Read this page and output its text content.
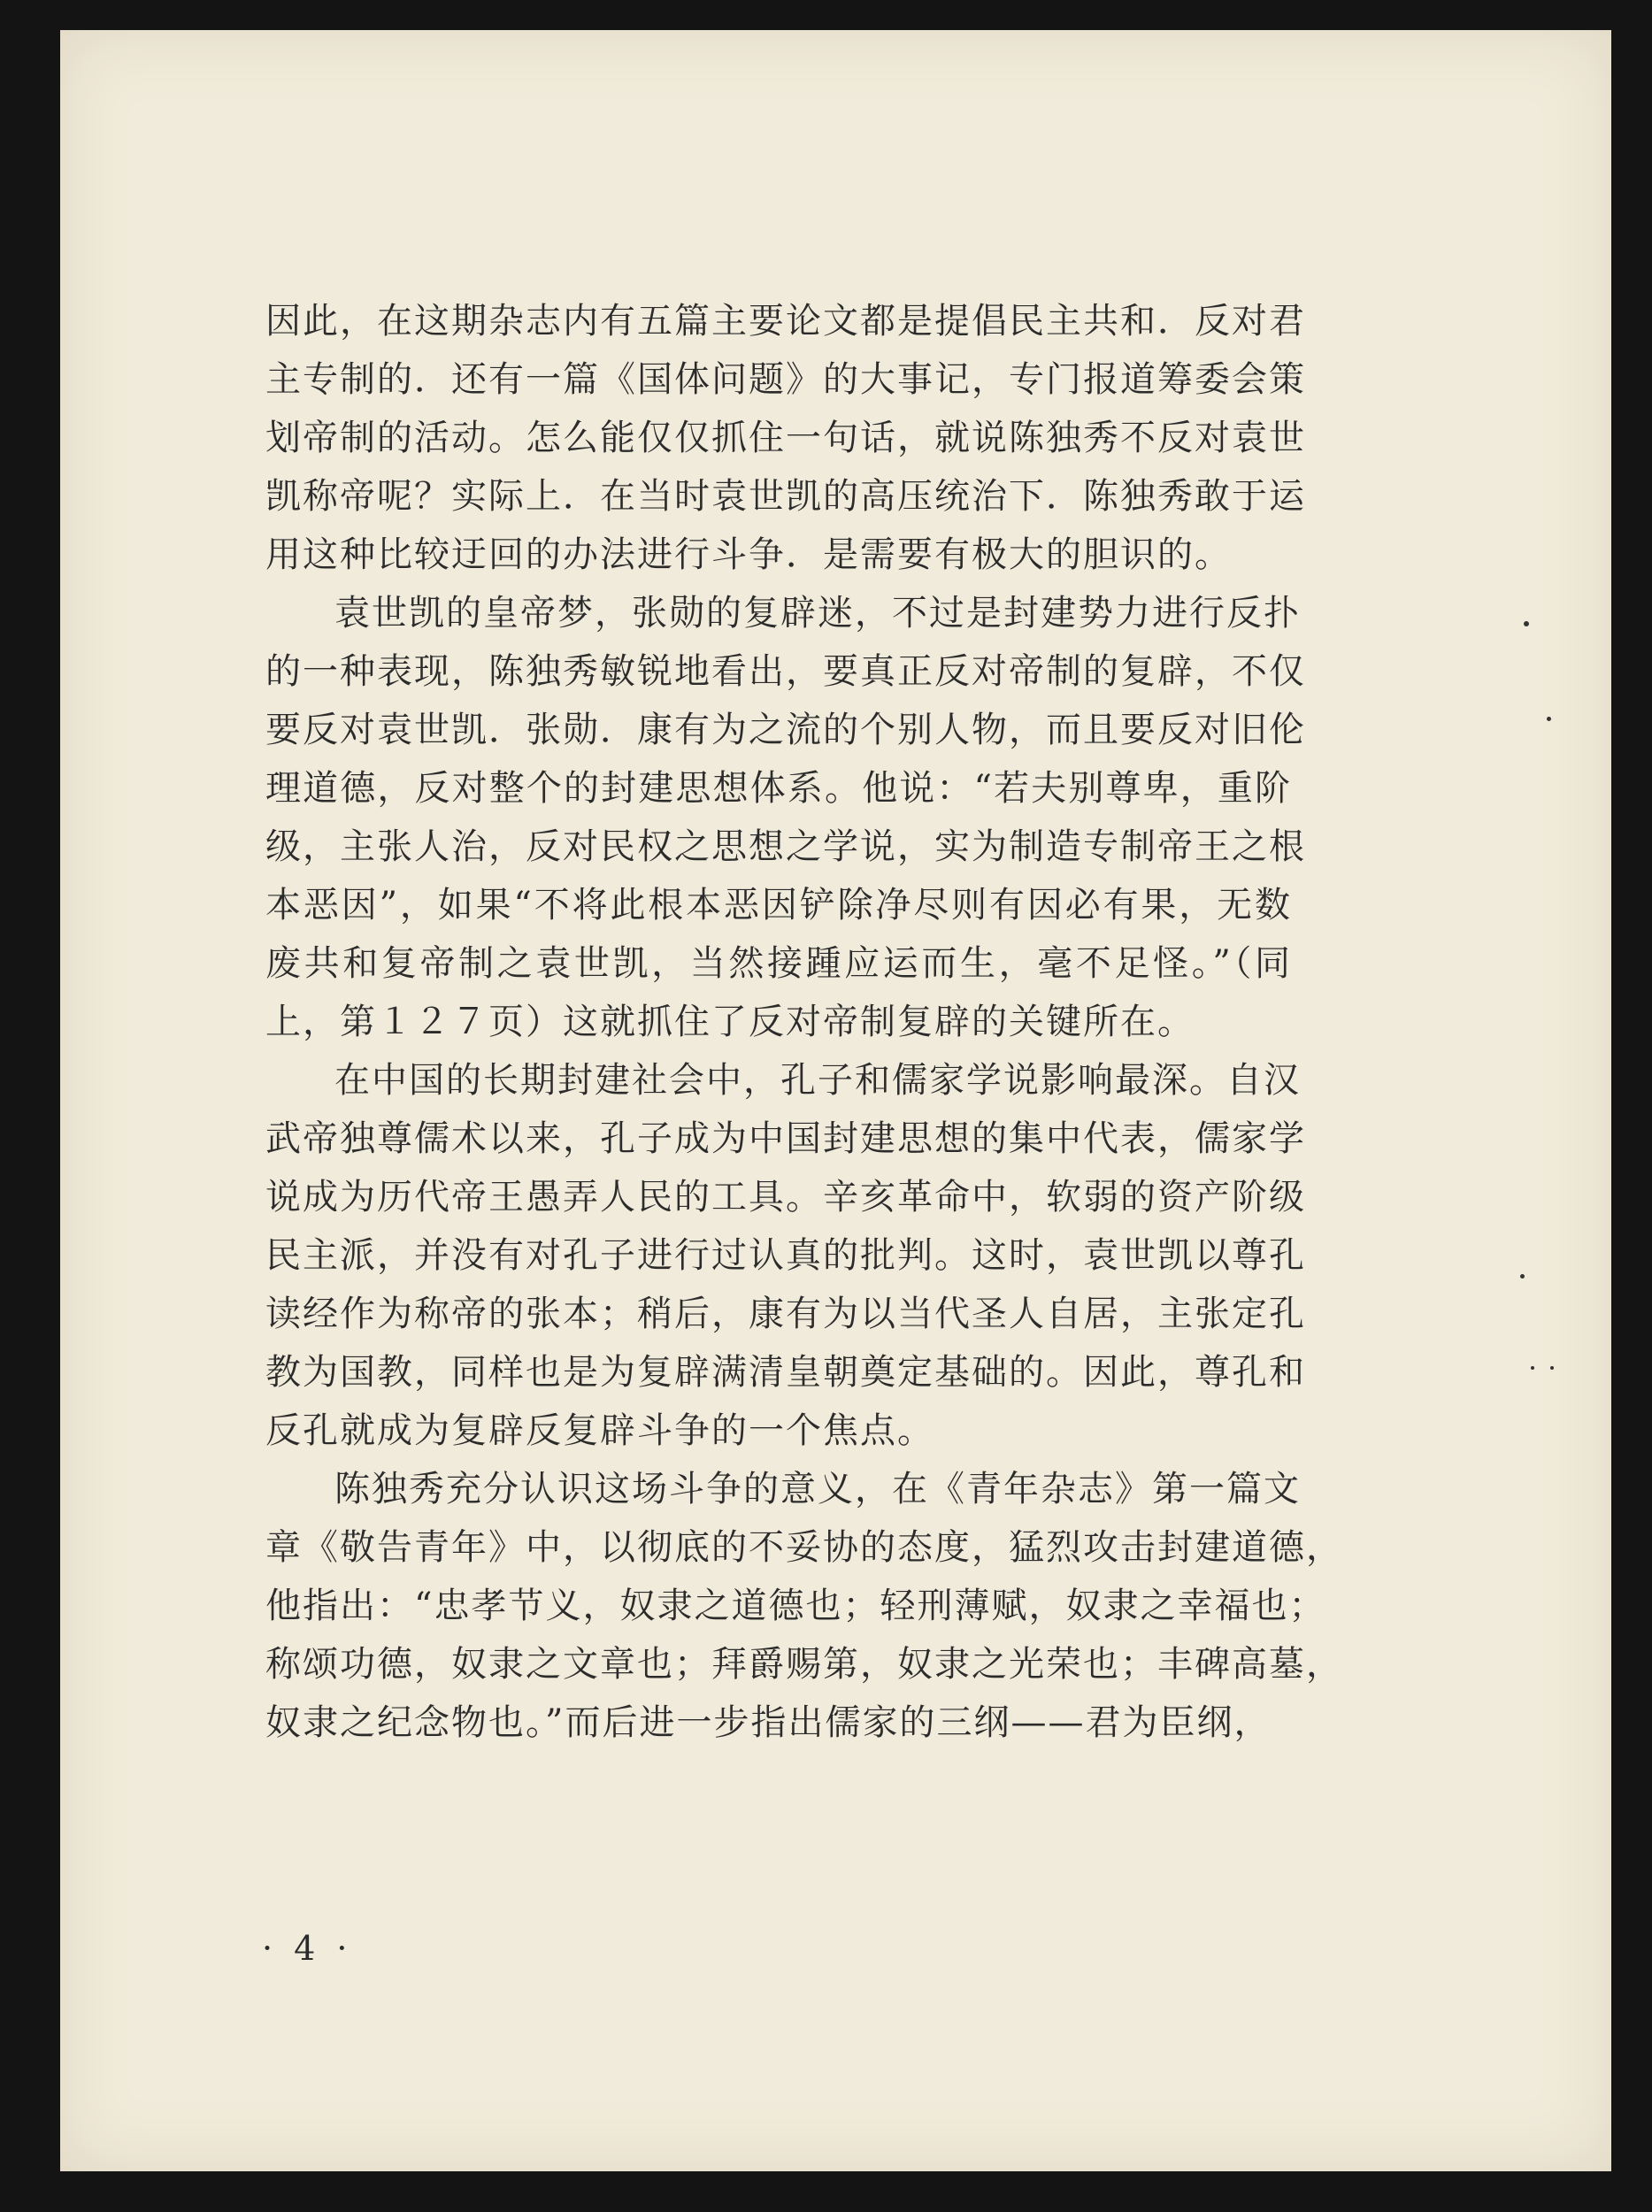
因此，在这期杂志内有五篇主要论文都是提倡民主共和．反对君
主专制的．还有一篇《国体问题》的大事记，专门报道筹委会策
划帝制的活动。怎么能仅仅抓住一句话，就说陈独秀不反对袁世
凯称帝呢？实际上．在当时袁世凯的高压统治下．陈独秀敢于运
用这种比较迂回的办法进行斗争．是需要有极大的胆识的。
袁世凯的皇帝梦，张勋的复辟迷，不过是封建势力进行反扑
的一种表现，陈独秀敏锐地看出，要真正反对帝制的复辟，不仅
要反对袁世凯．张勋．康有为之流的个别人物，而且要反对旧伦
理道德，反对整个的封建思想体系。他说：“若夫别尊卑，重阶
级，主张人治，反对民权之思想之学说，实为制造专制帝王之根
本恶因”，如果“不将此根本恶因铲除净尽则有因必有果，无数
废共和复帝制之袁世凯，当然接踵应运而生，毫不足怪。”（同
上，第１２７页）这就抓住了反对帝制复辟的关键所在。
在中国的长期封建社会中，孔子和儒家学说影响最深。自汉
武帝独尊儒术以来，孔子成为中国封建思想的集中代表，儒家学
说成为历代帝王愚弄人民的工具。辛亥革命中，软弱的资产阶级
民主派，并没有对孔子进行过认真的批判。这时，袁世凯以尊孔
读经作为称帝的张本；稍后，康有为以当代圣人自居，主张定孔
教为国教，同样也是为复辟满清皇朝奠定基础的。因此，尊孔和
反孔就成为复辟反复辟斗争的一个焦点。
陈独秀充分认识这场斗争的意义，在《青年杂志》第一篇文
章《敬告青年》中，以彻底的不妥协的态度，猛烈攻击封建道德，
他指出：“忠孝节义，奴隶之道德也；轻刑薄赋，奴隶之幸福也；
称颂功德，奴隶之文章也；拜爵赐第，奴隶之光荣也；丰碑高墓，
奴隶之纪念物也。”而后进一步指出儒家的三纲——君为臣纲，
· 4 ·
